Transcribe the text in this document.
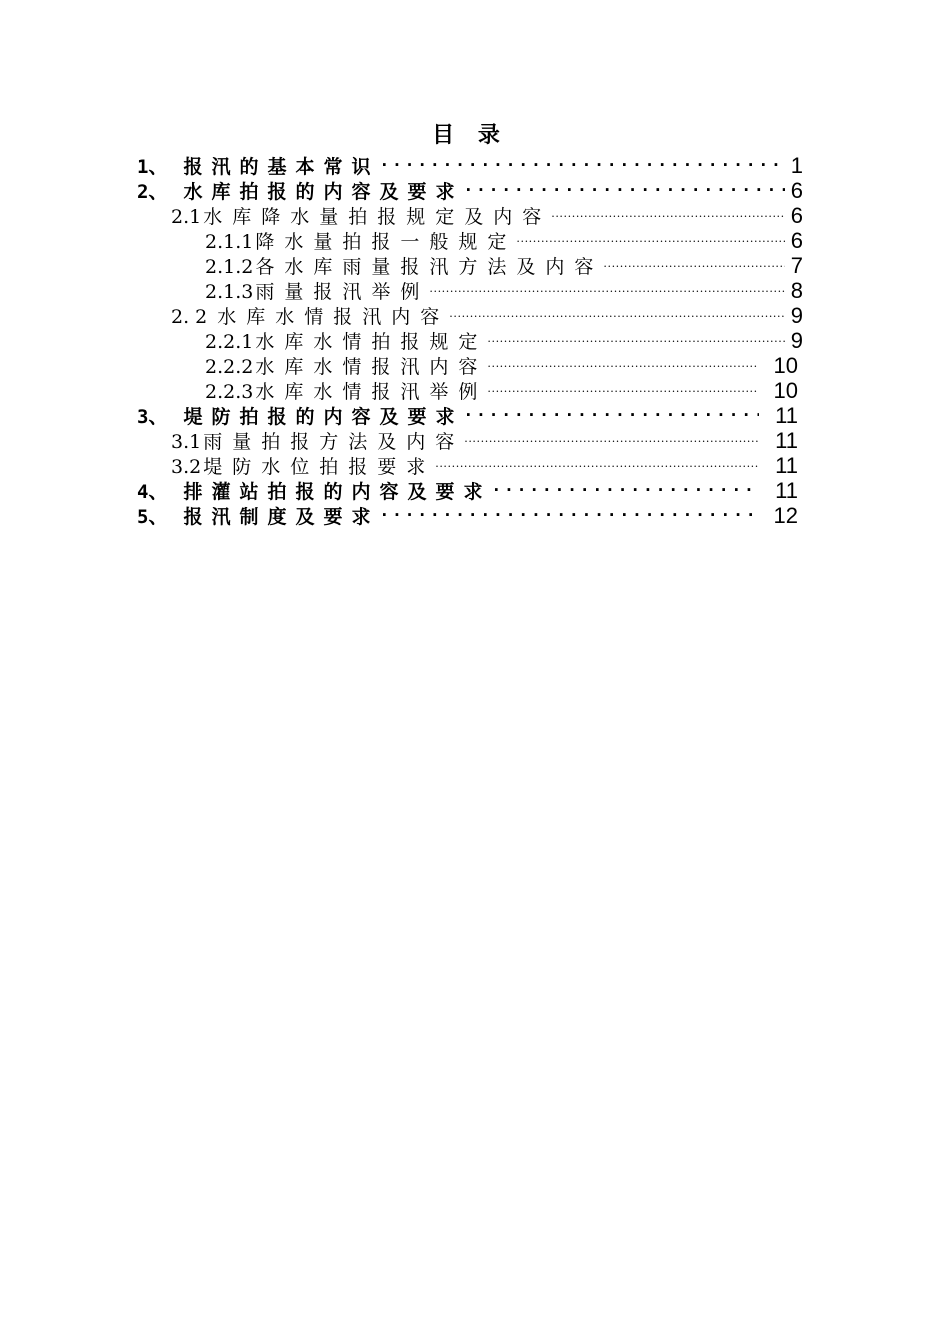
目 录
1、 报汛的基本常识 .....	1
2、 水库拍报的内容及要求 .....	6
2.1 水库降水量拍报规定及内容 .....	6
2.1.1 降水量拍报一般规定 .....	6
2.1.2 各水库雨量报汛方法及内容 .....	7
2.1.3 雨量报汛举例 .....	8
2. 2 水库水情报汛内容 .....	9
2.2.1 水库水情拍报规定 .....	9
2.2.2 水库水情报汛内容 .....	10
2.2.3 水库水情报汛举例 .....	10
3、 堤防拍报的内容及要求 .....	11
3.1 雨量拍报方法及内容 .....	11
3.2 堤防水位拍报要求 .....	11
4、 排灌站拍报的内容及要求 .....	11
5、 报汛制度及要求 .....	12
